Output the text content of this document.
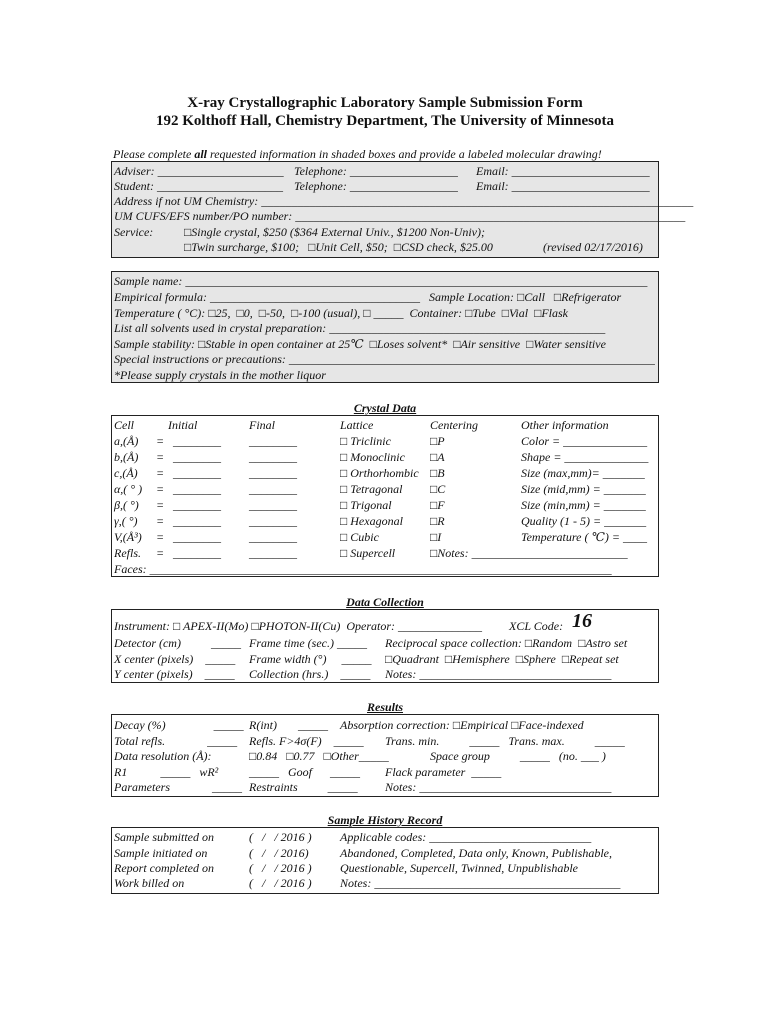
X-ray Crystallographic Laboratory Sample Submission Form
192 Kolthoff Hall, Chemistry Department, The University of Minnesota
Please complete all requested information in shaded boxes and provide a labeled molecular drawing!
Adviser: _____________________ Telephone: __________________ Email: _______________________
Student: _____________________ Telephone: __________________ Email: _______________________
Address if not UM Chemistry: ________________________________________________________________________
UM CUFS/EFS number/PO number: _________________________________________________________________
Service:	□Single crystal, $250 ($364 External Univ., $1200 Non-Univ);
□Twin surcharge, $100;   □Unit Cell, $50;  □CSD check, $25.00	(revised 02/17/2016)
Sample name: _____________________________________________________________________________
Empirical formula: ___________________________________   Sample Location: □Call   □Refrigerator
Temperature ( °C): □25,  □0,  □-50,  □-100 (usual), □ _____  Container: □Tube  □Vial  □Flask
List all solvents used in crystal preparation: ______________________________________________
Sample stability: □Stable in open container at 25℃  □Loses solvent*  □Air sensitive  □Water sensitive
Special instructions or precautions: _____________________________________________________________
*Please supply crystals in the mother liquor
Crystal Data
Cell	Initial	Final	Lattice	Centering	Other information
a,(Å) = ________ ________	□ Triclinic	□P	Color = ______________
b,(Å) = ________ ________	□ Monoclinic □A	Shape = ______________
c,(Å) = ________ ________	□ Orthorhombic □B	Size (max,mm)= _______
α,( ° ) = ________ ________	□ Tetragonal □C	Size (mid,mm) = _______
β,( °) = ________ ________	□ Trigonal	□F	Size (min,mm) = _______
γ,( °) = ________ ________	□ Hexagonal □R	Quality (1 - 5) = _______
V,(Å³) = ________ ________	□ Cubic	□I	Temperature ( ℃) = ____
Refls. = ________ ________	□ Supercell	□Notes: __________________________
Faces: _____________________________________________________________________________
Data Collection
Instrument: □ APEX-II(Mo) □PHOTON-II(Cu)  Operator: ______________ XCL Code: 16
Detector (cm)          _____ Frame time (sec.) _____ Reciprocal space collection: □Random  □Astro set
X center (pixels)    _____ Frame width (°)     _____ □Quadrant  □Hemisphere  □Sphere  □Repeat set
Y center (pixels)    _____ Collection (hrs.)    _____ Notes: ________________________________
Results
Decay (%)                _____ R(int)       _____ Absorption correction: □Empirical □Face-indexed
Total refls.              _____ Refls. F>4σ(F)    _____ Trans. min.          _____   Trans. max.          _____
Data resolution (Å):	□0.84   □0.77   □Other_____	Space group          _____   (no. ___ )
R1           _____   wR²	_____   Goof      _____ Flack parameter  _____
Parameters              _____ Restraints          _____ Notes: ________________________________
Sample History Record
Sample submitted on	(   /   / 2016 ) Applicable codes: ___________________________
Sample initiated on	(   /   / 2016)	Abandoned, Completed, Data only, Known, Publishable,
Report completed on	(   /   / 2016 ) Questionable, Supercell, Twinned, Unpublishable
Work billed on	(   /   / 2016 ) Notes: _________________________________________
